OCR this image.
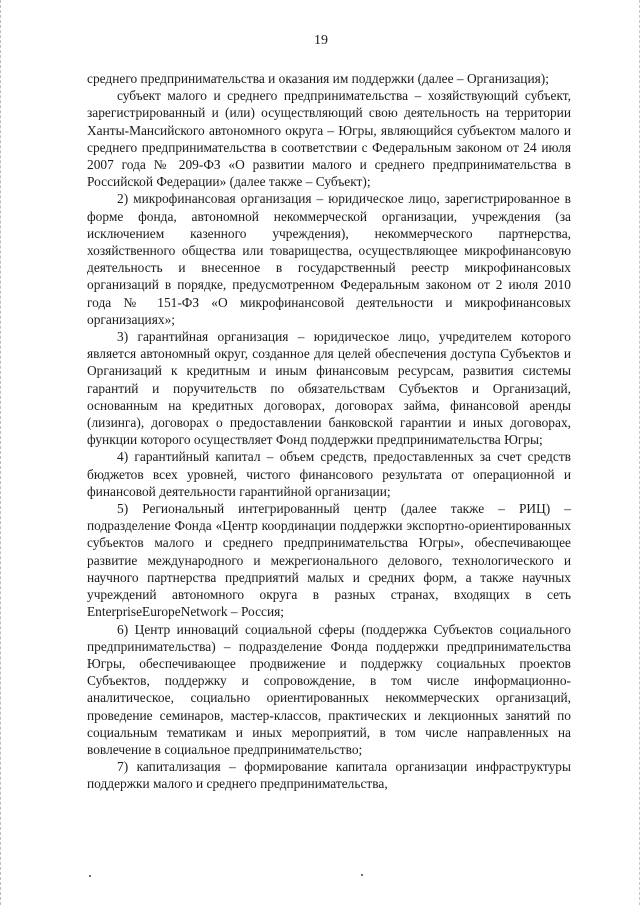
19

среднего предпринимательства и оказания им поддержки (далее – Организация);

субъект малого и среднего предпринимательства – хозяйствующий субъект, зарегистрированный и (или) осуществляющий свою деятельность на территории Ханты-Мансийского автономного округа – Югры, являющийся субъектом малого и среднего предпринимательства в соответствии с Федеральным законом от 24 июля 2007 года № 209-ФЗ «О развитии малого и среднего предпринимательства в Российской Федерации» (далее также – Субъект);

2) микрофинансовая организация – юридическое лицо, зарегистрированное в форме фонда, автономной некоммерческой организации, учреждения (за исключением казенного учреждения), некоммерческого партнерства, хозяйственного общества или товарищества, осуществляющее микрофинансовую деятельность и внесенное в государственный реестр микрофинансовых организаций в порядке, предусмотренном Федеральным законом от 2 июля 2010 года № 151-ФЗ «О микрофинансовой деятельности и микрофинансовых организациях»;

3) гарантийная организация – юридическое лицо, учредителем которого является автономный округ, созданное для целей обеспечения доступа Субъектов и Организаций к кредитным и иным финансовым ресурсам, развития системы гарантий и поручительств по обязательствам Субъектов и Организаций, основанным на кредитных договорах, договорах займа, финансовой аренды (лизинга), договорах о предоставлении банковской гарантии и иных договорах, функции которого осуществляет Фонд поддержки предпринимательства Югры;

4) гарантийный капитал – объем средств, предоставленных за счет средств бюджетов всех уровней, чистого финансового результата от операционной и финансовой деятельности гарантийной организации;

5) Региональный интегрированный центр (далее также – РИЦ) – подразделение Фонда «Центр координации поддержки экспортно-ориентированных субъектов малого и среднего предпринимательства Югры», обеспечивающее развитие международного и межрегионального делового, технологического и научного партнерства предприятий малых и средних форм, а также научных учреждений автономного округа в разных странах, входящих в сеть EnterpriseEuropeNetwork – Россия;

6) Центр инноваций социальной сферы (поддержка Субъектов социального предпринимательства) – подразделение Фонда поддержки предпринимательства Югры, обеспечивающее продвижение и поддержку социальных проектов Субъектов, поддержку и сопровождение, в том числе информационно-аналитическое, социально ориентированных некоммерческих организаций, проведение семинаров, мастер-классов, практических и лекционных занятий по социальным тематикам и иных мероприятий, в том числе направленных на вовлечение в социальное предпринимательство;

7) капитализация – формирование капитала организации инфраструктуры поддержки малого и среднего предпринимательства,
